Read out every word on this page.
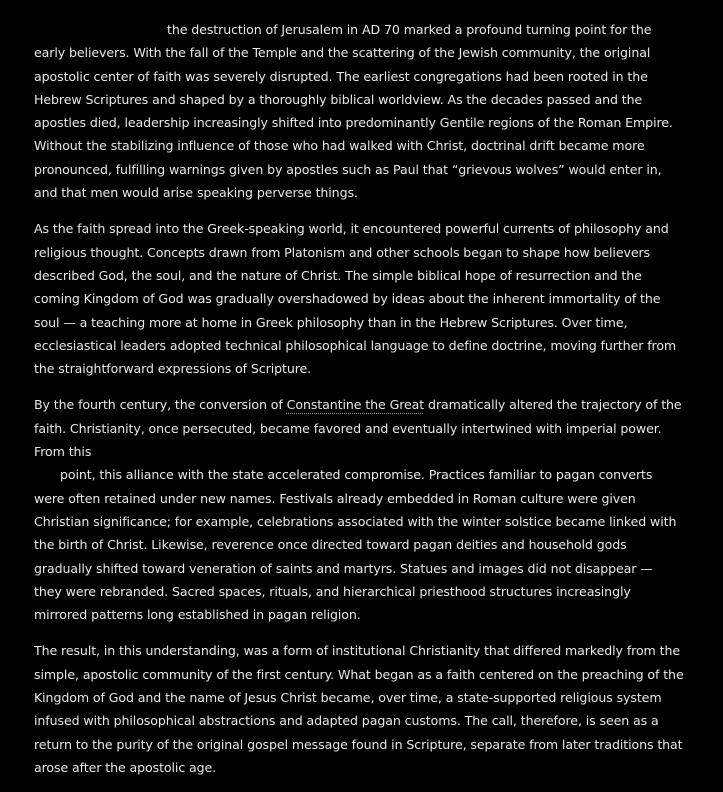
the destruction of Jerusalem in AD 70 marked a profound turning point for the early believers. With the fall of the Temple and the scattering of the Jewish community, the original apostolic center of faith was severely disrupted. The earliest congregations had been rooted in the Hebrew Scriptures and shaped by a thoroughly biblical worldview. As the decades passed and the apostles died, leadership increasingly shifted into predominantly Gentile regions of the Roman Empire. Without the stabilizing influence of those who had walked with Christ, doctrinal drift became more pronounced, fulfilling warnings given by apostles such as Paul that “grievous wolves” would enter in, and that men would arise speaking perverse things.

As the faith spread into the Greek-speaking world, it encountered powerful currents of philosophy and religious thought. Concepts drawn from Platonism and other schools began to shape how believers described God, the soul, and the nature of Christ. The simple biblical hope of resurrection and the coming Kingdom of God was gradually overshadowed by ideas about the inherent immortality of the soul — a teaching more at home in Greek philosophy than in the Hebrew Scriptures. Over time, ecclesiastical leaders adopted technical philosophical language to define doctrine, moving further from the straightforward expressions of Scripture.

By the fourth century, the conversion of Constantine the Great dramatically altered the trajectory of the faith. Christianity, once persecuted, became favored and eventually intertwined with imperial power. From this
point, this alliance with the state accelerated compromise. Practices familiar to pagan converts were often retained under new names. Festivals already embedded in Roman culture were given Christian significance; for example, celebrations associated with the winter solstice became linked with the birth of Christ. Likewise, reverence once directed toward pagan deities and household gods gradually shifted toward veneration of saints and martyrs. Statues and images did not disappear — they were rebranded. Sacred spaces, rituals, and hierarchical priesthood structures increasingly mirrored patterns long established in pagan religion.

The result, in this understanding, was a form of institutional Christianity that differed markedly from the simple, apostolic community of the first century. What began as a faith centered on the preaching of the Kingdom of God and the name of Jesus Christ became, over time, a state-supported religious system infused with philosophical abstractions and adapted pagan customs. The call, therefore, is seen as a return to the purity of the original gospel message found in Scripture, separate from later traditions that arose after the apostolic age.
